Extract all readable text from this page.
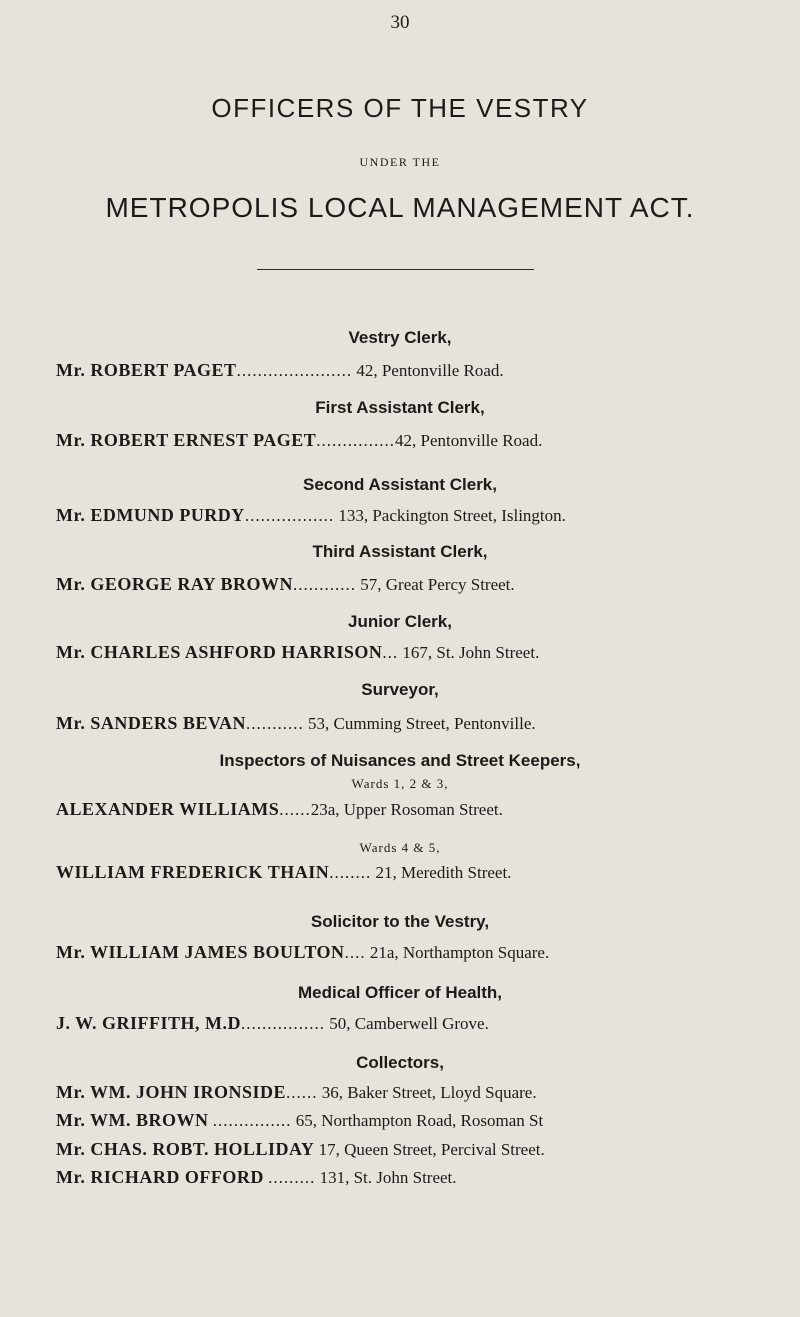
30
OFFICERS OF THE VESTRY
UNDER THE
METROPOLIS LOCAL MANAGEMENT ACT.
Vestry Clerk,
Mr. ROBERT PAGET...................... 42, Pentonville Road.
First Assistant Clerk,
Mr. ROBERT ERNEST PAGET...............42, Pentonville Road.
Second Assistant Clerk,
Mr. EDMUND PURDY................. 133, Packington Street, Islington.
Third Assistant Clerk,
Mr. GEORGE RAY BROWN............ 57, Great Percy Street.
Junior Clerk,
Mr. CHARLES ASHFORD HARRISON... 167, St. John Street.
Surveyor,
Mr. SANDERS BEVAN........... 53, Cumming Street, Pentonville.
Inspectors of Nuisances and Street Keepers,
Wards 1, 2 & 3,
ALEXANDER WILLIAMS......23a, Upper Rosoman Street.
Wards 4 & 5,
WILLIAM FREDERICK THAIN........ 21, Meredith Street.
Solicitor to the Vestry,
Mr. WILLIAM JAMES BOULTON.... 21a, Northampton Square.
Medical Officer of Health,
J. W. GRIFFITH, M.D................ 50, Camberwell Grove.
Collectors,
Mr. WM. JOHN IRONSIDE...... 36, Baker Street, Lloyd Square.
Mr. WM. BROWN ............... 65, Northampton Road, Rosoman St
Mr. CHAS. ROBT. HOLLIDAY 17, Queen Street, Percival Street.
Mr. RICHARD OFFORD ......... 131, St. John Street.
